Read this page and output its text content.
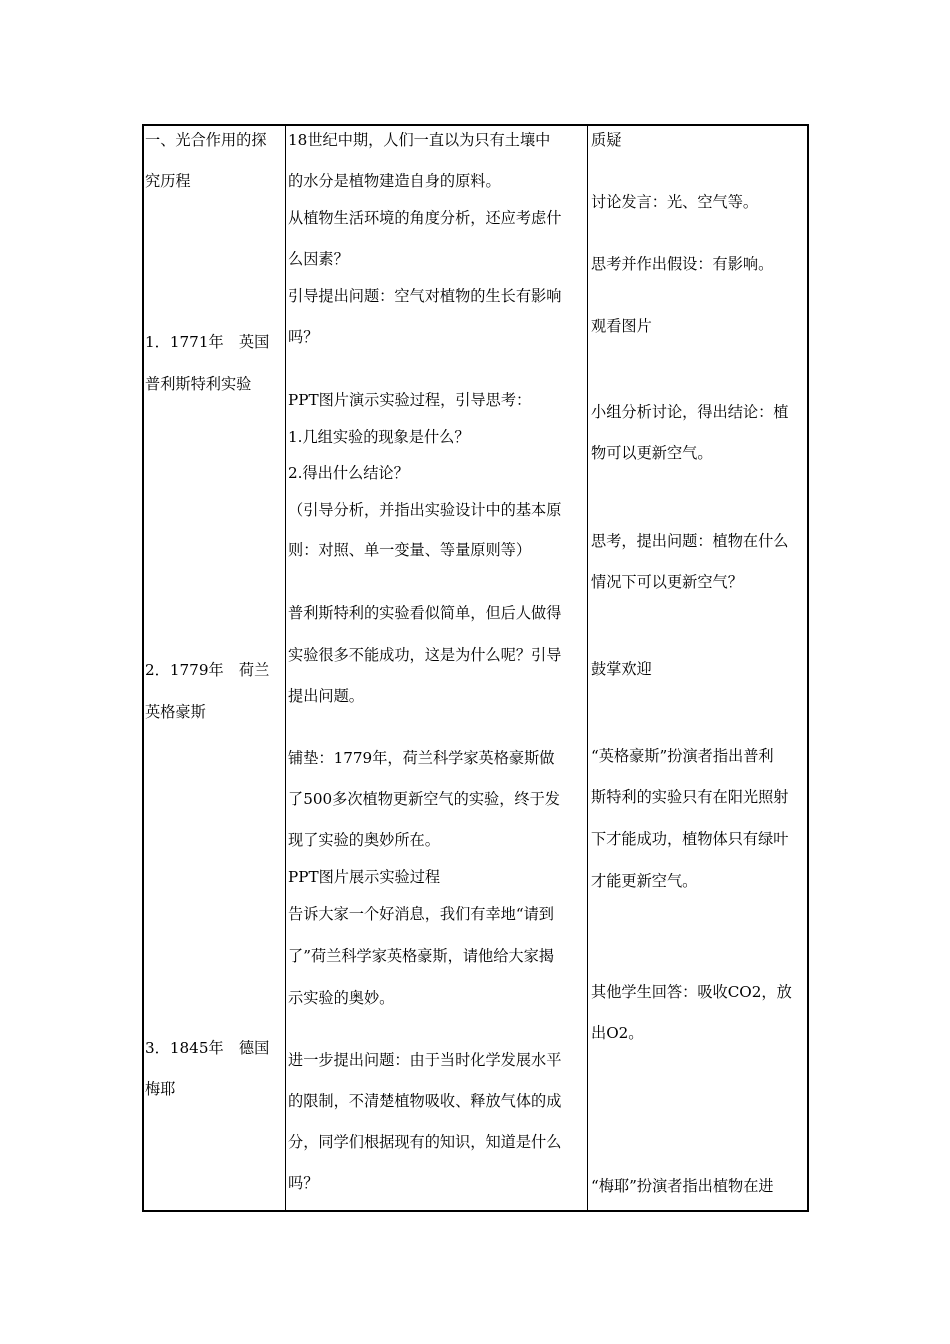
一、光合作用的探
究历程
1．1771年　英国
普利斯特利实验
2．1779年　荷兰
英格豪斯
3．1845年　德国
梅耶
18世纪中期，人们一直以为只有土壤中
的水分是植物建造自身的原料。
从植物生活环境的角度分析，还应考虑什
么因素？
引导提出问题：空气对植物的生长有影响
吗？
PPT图片演示实验过程，引导思考：
1.几组实验的现象是什么？
2.得出什么结论？
（引导分析，并指出实验设计中的基本原
则：对照、单一变量、等量原则等）
普利斯特利的实验看似简单，但后人做得
实验很多不能成功，这是为什么呢？引导
提出问题。
铺垫：1779年，荷兰科学家英格豪斯做
了500多次植物更新空气的实验，终于发
现了实验的奥妙所在。
PPT图片展示实验过程
告诉大家一个好消息，我们有幸地“请到
了”荷兰科学家英格豪斯，请他给大家揭
示实验的奥妙。
进一步提出问题：由于当时化学发展水平
的限制，不清楚植物吸收、释放气体的成
分，同学们根据现有的知识，知道是什么
吗？
质疑
讨论发言：光、空气等。
思考并作出假设：有影响。
观看图片
小组分析讨论，得出结论：植
物可以更新空气。
思考，提出问题：植物在什么
情况下可以更新空气？
鼓掌欢迎
“英格豪斯”扮演者指出普利
斯特利的实验只有在阳光照射
下才能成功，植物体只有绿叶
才能更新空气。
其他学生回答：吸收CO2，放
出O2。
“梅耶”扮演者指出植物在进
